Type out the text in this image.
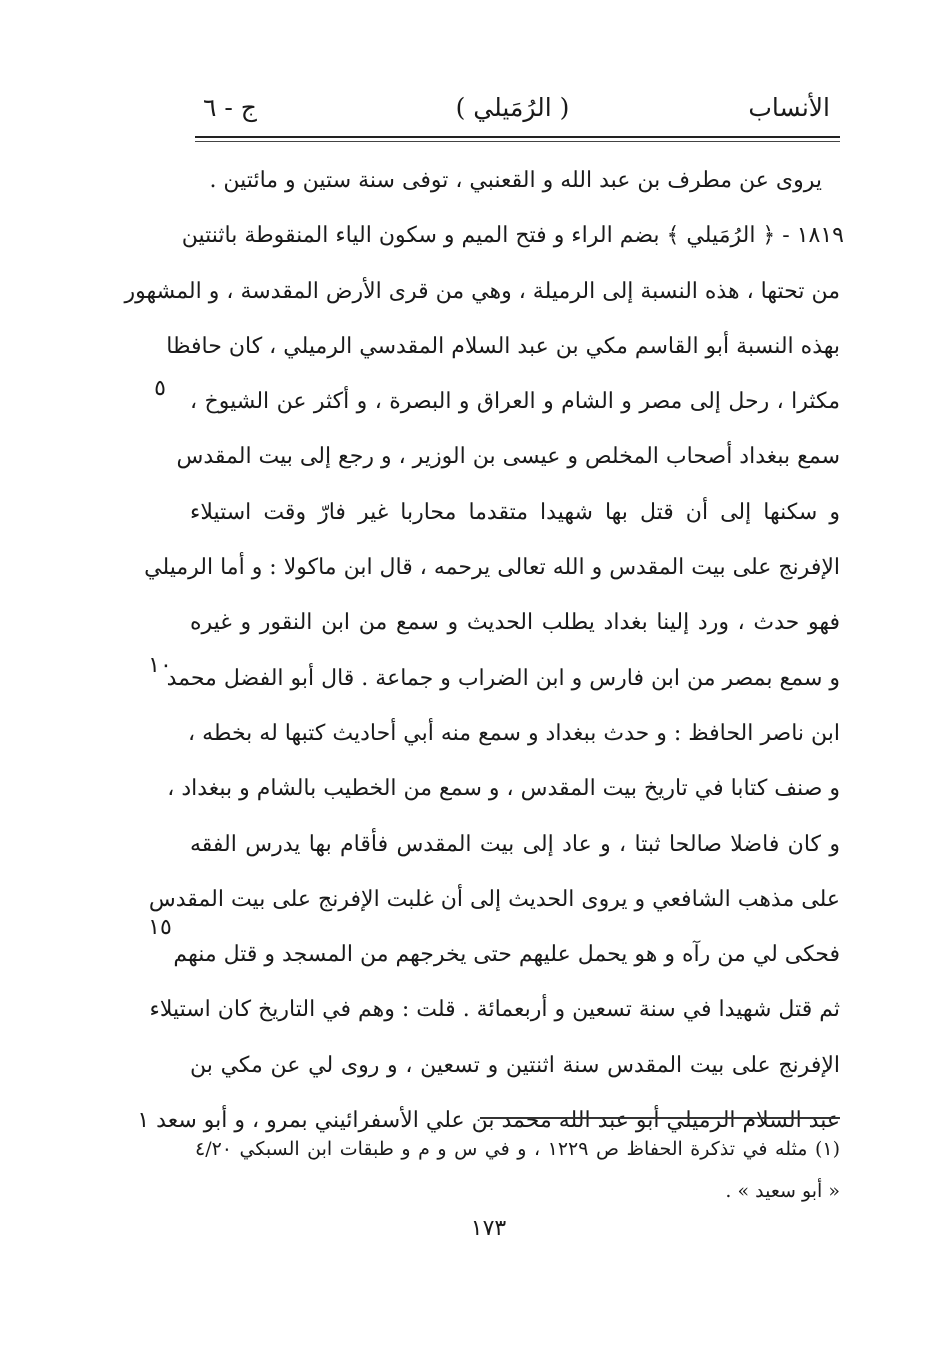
الأنساب
( الرُمَيلي )
ج - ٦
يروى عن مطرف بن عبد الله و القعنبي ، توفى سنة ستين و مائتين .
١٨١٩ - ﴿ الرُمَيلي ﴾ بضم الراء و فتح الميم و سكون الياء المنقوطة باثنتين
من تحتها ، هذه النسبة إلى الرميلة ، وهي من قرى الأرض المقدسة ، و المشهور
بهذه النسبة أبو القاسم مكي بن عبد السلام المقدسي الرميلي ، كان حافظا
مكثرا ، رحل إلى مصر و الشام و العراق و البصرة ، و أكثر عن الشيوخ ،
سمع ببغداد أصحاب المخلص و عيسى بن الوزير ، و رجع إلى بيت المقدس
و سكنها إلى أن قتل بها شهيدا متقدما محاربا غير فارّ وقت استيلاء
الإفرنج على بيت المقدس و الله تعالى يرحمه ، قال ابن ماكولا : و أما الرميلي
فهو حدث ، ورد إلينا بغداد يطلب الحديث و سمع من ابن النقور و غيره
و سمع بمصر من ابن فارس و ابن الضراب و جماعة . قال أبو الفضل محمد
ابن ناصر الحافظ : و حدث ببغداد و سمع منه أبي أحاديث كتبها له بخطه ،
و صنف كتابا في تاريخ بيت المقدس ، و سمع من الخطيب بالشام و ببغداد ،
و كان فاضلا صالحا ثبتا ، و عاد إلى بيت المقدس فأقام بها يدرس الفقه
على مذهب الشافعي و يروى الحديث إلى أن غلبت الإفرنج على بيت المقدس
فحكى لي من رآه و هو يحمل عليهم حتى يخرجهم من المسجد و قتل منهم
ثم قتل شهيدا في سنة تسعين و أربعمائة . قلت : وهم في التاريخ كان استيلاء
الإفرنج على بيت المقدس سنة اثنتين و تسعين ، و روى لي عن مكي بن
عبد السلام الرميلي أبو عبد الله محمد بن علي الأسفرائيني بمرو ، و أبو سعد ١
٥
١٠
١٥
(١) مثله في تذكرة الحفاظ ص ١٢٢٩ ، و في س و م و طبقات ابن السبكي ٤/٢٠
« أبو سعيد » .
١٧٣
